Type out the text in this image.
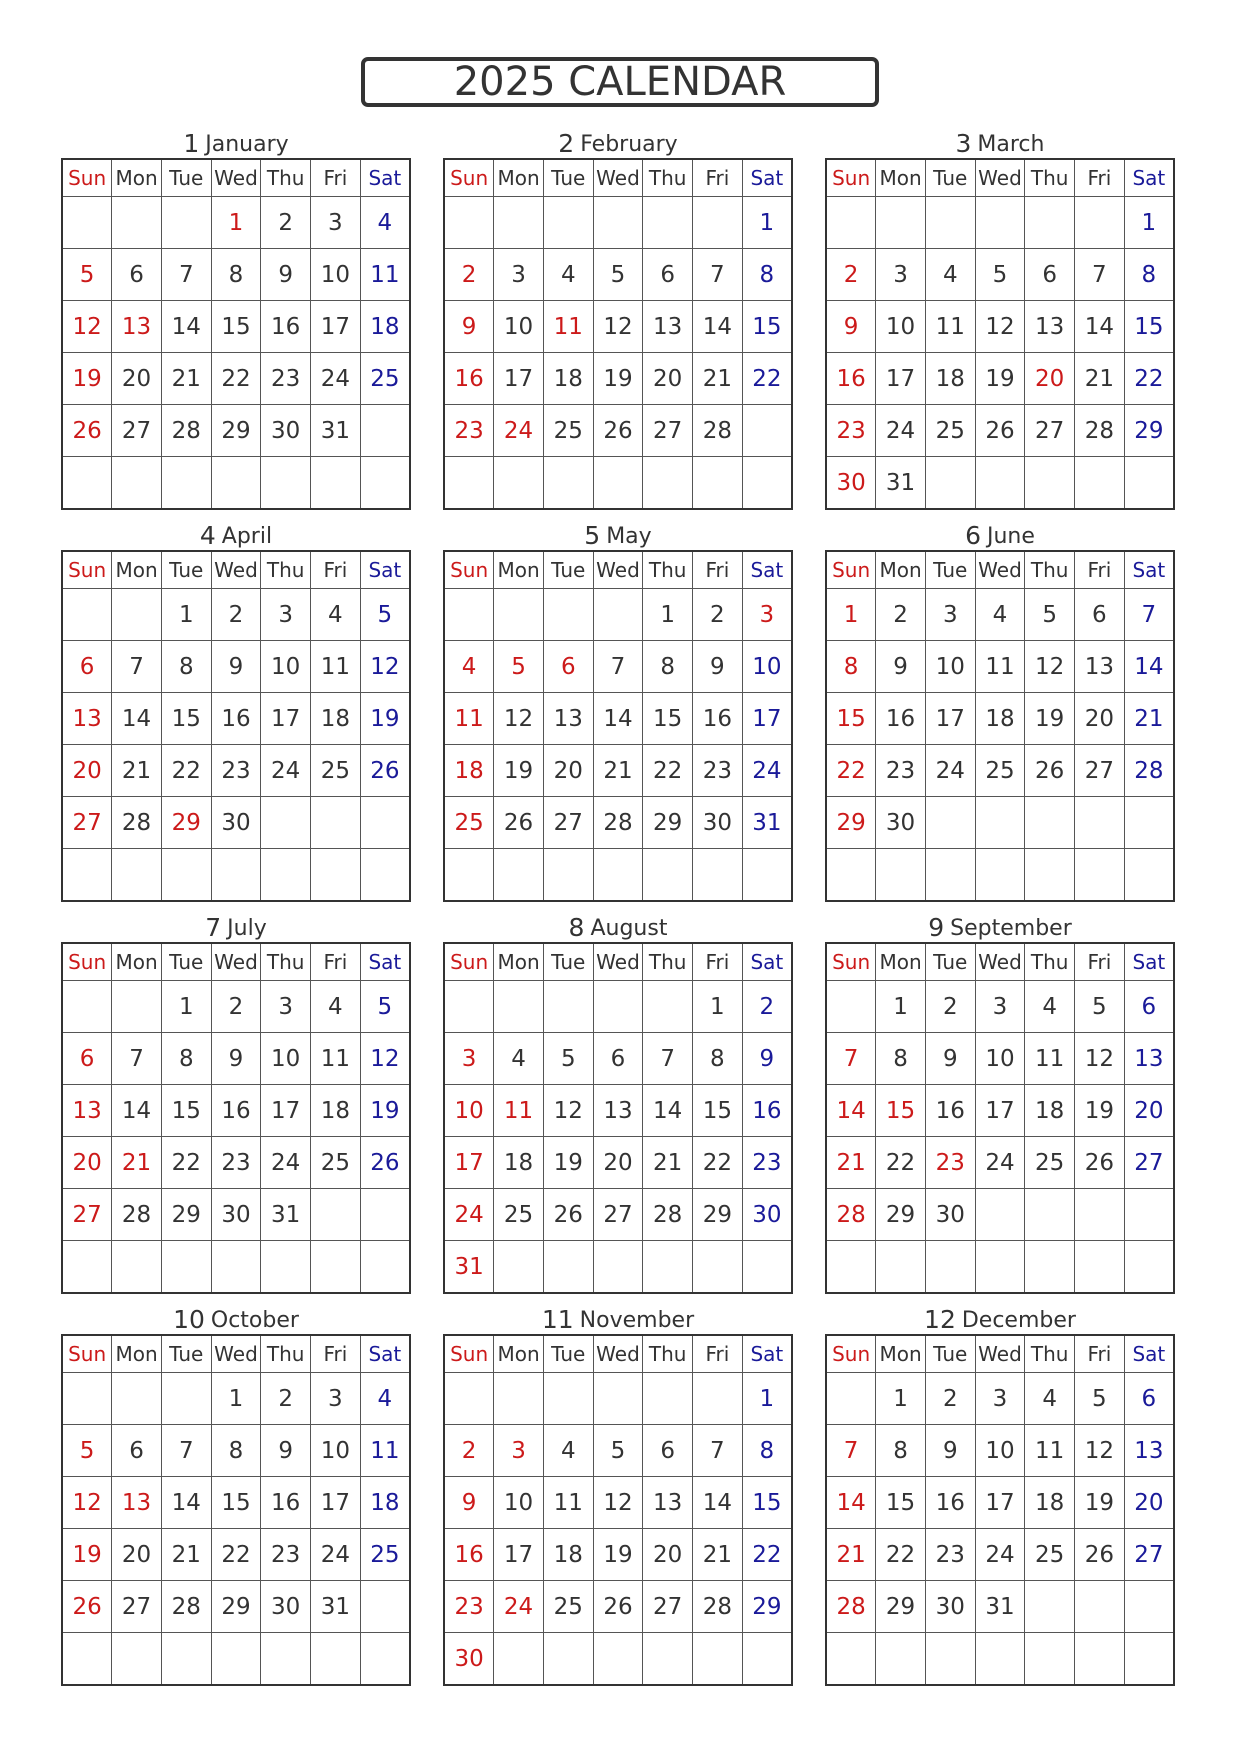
2025 CALENDAR
1 January
Sun	Mon	Tue	Wed	Thu	Fri	Sat
			1	2	3	4
5	6	7	8	9	10	11
12	13	14	15	16	17	18
19	20	21	22	23	24	25
26	27	28	29	30	31	

2 February
Sun	Mon	Tue	Wed	Thu	Fri	Sat
						1
2	3	4	5	6	7	8
9	10	11	12	13	14	15
16	17	18	19	20	21	22
23	24	25	26	27	28	

3 March
Sun	Mon	Tue	Wed	Thu	Fri	Sat
						1
2	3	4	5	6	7	8
9	10	11	12	13	14	15
16	17	18	19	20	21	22
23	24	25	26	27	28	29
30	31					
4 April
Sun	Mon	Tue	Wed	Thu	Fri	Sat
		1	2	3	4	5
6	7	8	9	10	11	12
13	14	15	16	17	18	19
20	21	22	23	24	25	26
27	28	29	30			

5 May
Sun	Mon	Tue	Wed	Thu	Fri	Sat
				1	2	3
4	5	6	7	8	9	10
11	12	13	14	15	16	17
18	19	20	21	22	23	24
25	26	27	28	29	30	31

6 June
Sun	Mon	Tue	Wed	Thu	Fri	Sat
1	2	3	4	5	6	7
8	9	10	11	12	13	14
15	16	17	18	19	20	21
22	23	24	25	26	27	28
29	30					

7 July
Sun	Mon	Tue	Wed	Thu	Fri	Sat
		1	2	3	4	5
6	7	8	9	10	11	12
13	14	15	16	17	18	19
20	21	22	23	24	25	26
27	28	29	30	31		

8 August
Sun	Mon	Tue	Wed	Thu	Fri	Sat
					1	2
3	4	5	6	7	8	9
10	11	12	13	14	15	16
17	18	19	20	21	22	23
24	25	26	27	28	29	30
31						
9 September
Sun	Mon	Tue	Wed	Thu	Fri	Sat
	1	2	3	4	5	6
7	8	9	10	11	12	13
14	15	16	17	18	19	20
21	22	23	24	25	26	27
28	29	30				

10 October
Sun	Mon	Tue	Wed	Thu	Fri	Sat
			1	2	3	4
5	6	7	8	9	10	11
12	13	14	15	16	17	18
19	20	21	22	23	24	25
26	27	28	29	30	31	

11 November
Sun	Mon	Tue	Wed	Thu	Fri	Sat
						1
2	3	4	5	6	7	8
9	10	11	12	13	14	15
16	17	18	19	20	21	22
23	24	25	26	27	28	29
30						
12 December
Sun	Mon	Tue	Wed	Thu	Fri	Sat
	1	2	3	4	5	6
7	8	9	10	11	12	13
14	15	16	17	18	19	20
21	22	23	24	25	26	27
28	29	30	31			
